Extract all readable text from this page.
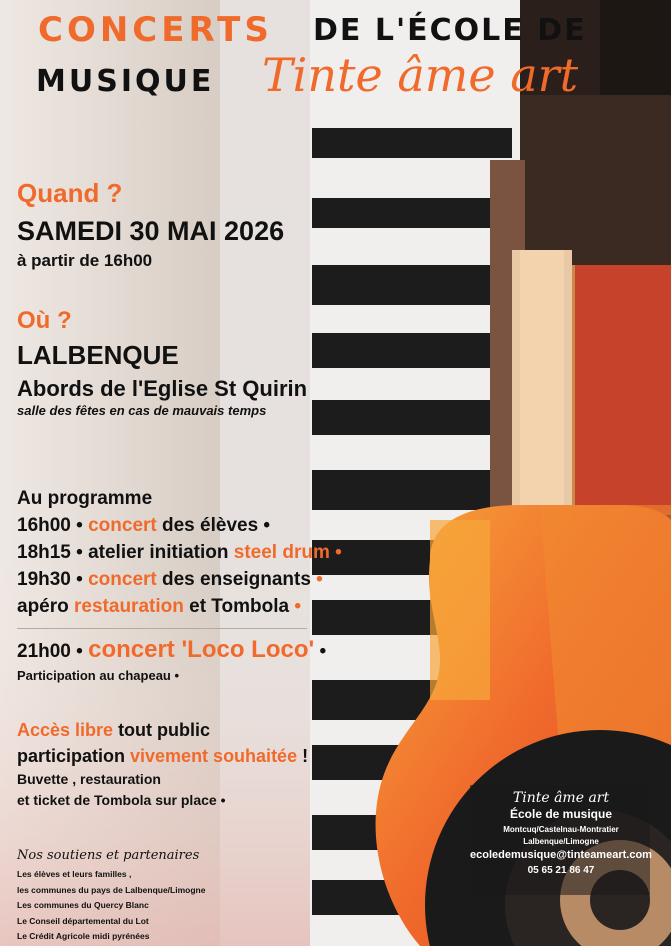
CONCERTS DE L'ÉCOLE DE
MUSIQUE Tinte âme art
Quand ?
SAMEDI 30 MAI 2026
à partir de 16h00
Où ?
LALBENQUE
Abords de l'Eglise St Quirin
salle des fêtes en cas de mauvais temps
Au programme
16h00 • concert des élèves •
18h15 • atelier initiation steel drum •
19h30 • concert des enseignants •
apéro restauration et Tombola •
21h00 • concert 'Loco Loco' •
Participation au chapeau •
Accès libre tout public
participation vivement souhaitée !
Buvette , restauration
et ticket de Tombola sur place •
Nos soutiens et partenaires
Les élèves et leurs familles ,
les communes du pays de Lalbenque/Limogne
Les communes du Quercy Blanc
Le Conseil départemental du Lot
Le Crédit Agricole midi pyrénées
Tinte âme art
École de musique
Montcuq/Castelnau-Montratier
Lalbenque/Limogne
ecoledemusique@tinteameart.com
05 65 21 86 47
